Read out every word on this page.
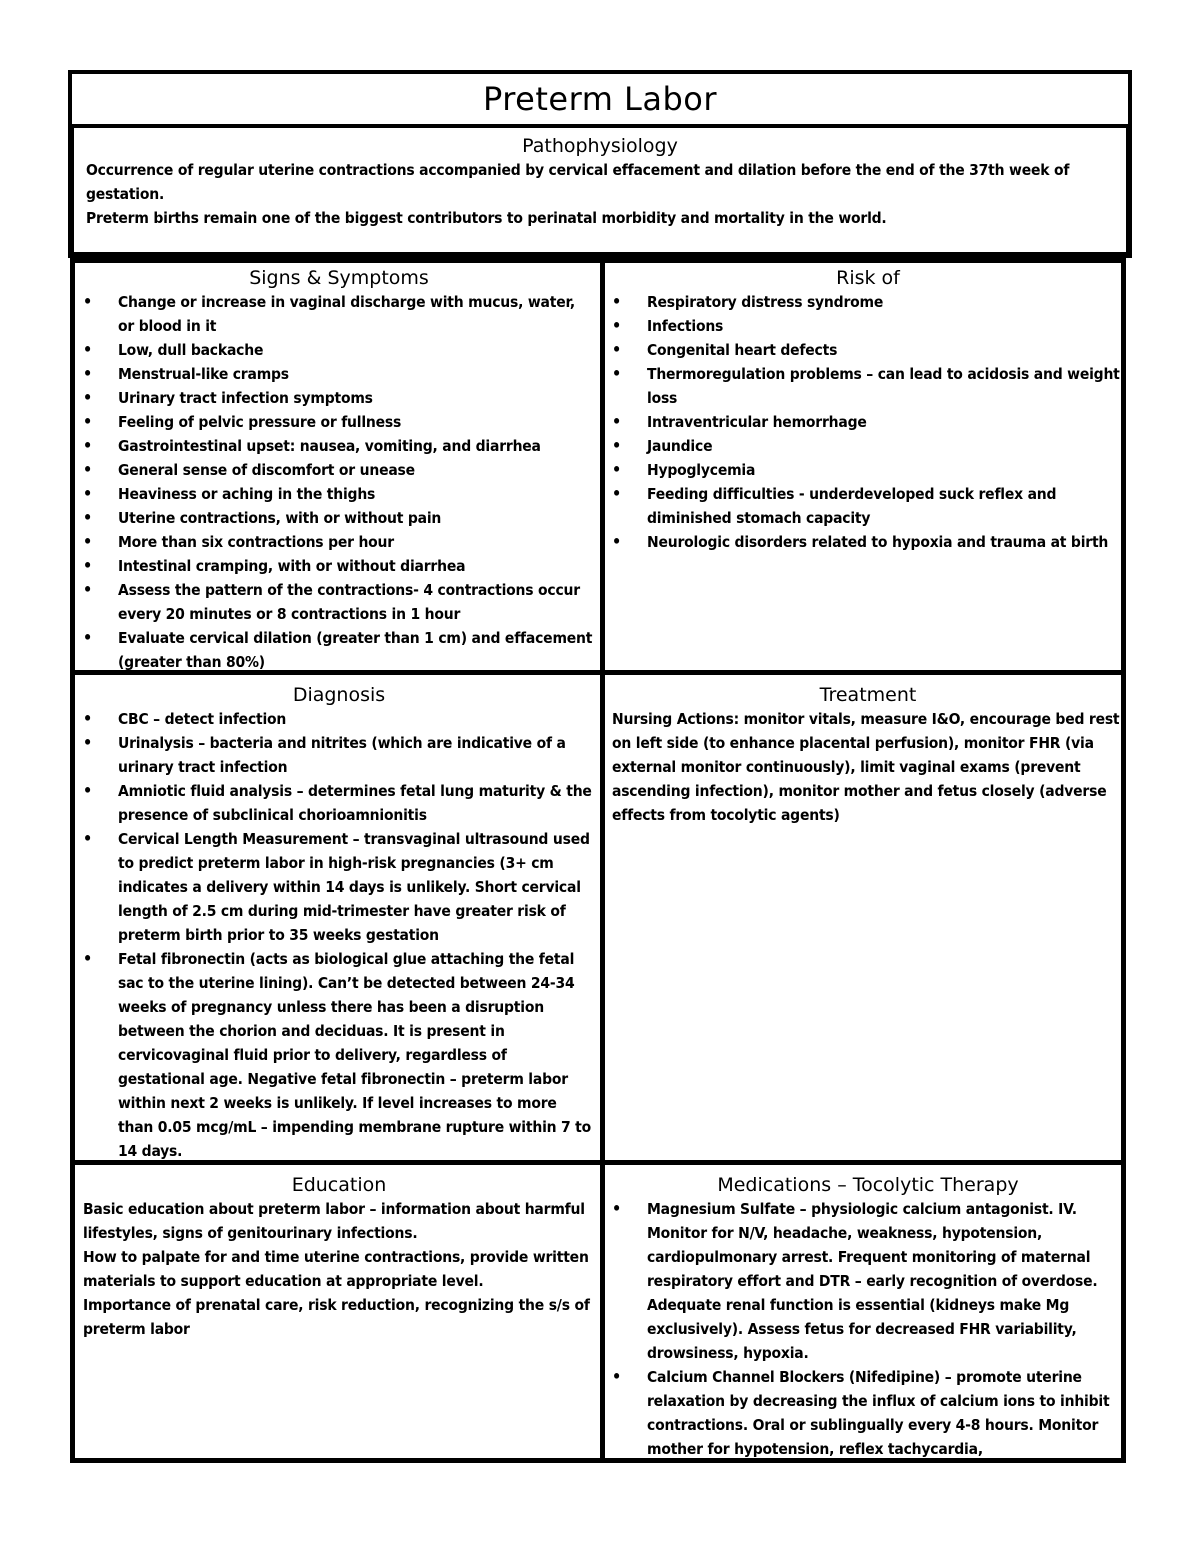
Preterm Labor
Pathophysiology

Occurrence of regular uterine contractions accompanied by cervical effacement and dilation before the end of the 37th week of gestation.

Preterm births remain one of the biggest contributors to perinatal morbidity and mortality in the world.

Signs & Symptoms
•	Change or increase in vaginal discharge with mucus, water, or blood in it
•	Low, dull backache
•	Menstrual-like cramps
•	Urinary tract infection symptoms
•	Feeling of pelvic pressure or fullness
•	Gastrointestinal upset: nausea, vomiting, and diarrhea
•	General sense of discomfort or unease
•	Heaviness or aching in the thighs
•	Uterine contractions, with or without pain
•	More than six contractions per hour
•	Intestinal cramping, with or without diarrhea
•	Assess the pattern of the contractions- 4 contractions occur every 20 minutes or 8 contractions in 1 hour
•	Evaluate cervical dilation (greater than 1 cm) and effacement (greater than 80%)
Risk of
•	Respiratory distress syndrome
•	Infections
•	Congenital heart defects
•	Thermoregulation problems – can lead to acidosis and weight loss
•	Intraventricular hemorrhage
•	Jaundice
•	Hypoglycemia
•	Feeding difficulties - underdeveloped suck reflex and diminished stomach capacity
•	Neurologic disorders related to hypoxia and trauma at birth
Diagnosis
•	CBC – detect infection
•	Urinalysis – bacteria and nitrites (which are indicative of a urinary tract infection
•	Amniotic fluid analysis – determines fetal lung maturity & the presence of subclinical chorioamnionitis
•	Cervical Length Measurement – transvaginal ultrasound used to predict preterm labor in high-risk pregnancies (3+ cm indicates a delivery within 14 days is unlikely. Short cervical length of 2.5 cm during mid-trimester have greater risk of preterm birth prior to 35 weeks gestation
•	Fetal fibronectin (acts as biological glue attaching the fetal sac to the uterine lining). Can’t be detected between 24-34 weeks of pregnancy unless there has been a disruption between the chorion and deciduas. It is present in cervicovaginal fluid prior to delivery, regardless of gestational age. Negative fetal fibronectin – preterm labor within next 2 weeks is unlikely. If level increases to more than 0.05 mcg/mL – impending membrane rupture within 7 to 14 days.
Treatment

Nursing Actions: monitor vitals, measure I&O, encourage bed rest on left side (to enhance placental perfusion), monitor FHR (via external monitor continuously), limit vaginal exams (prevent ascending infection), monitor mother and fetus closely (adverse effects from tocolytic agents)

Education

Basic education about preterm labor – information about harmful lifestyles, signs of genitourinary infections.

How to palpate for and time uterine contractions, provide written materials to support education at appropriate level.

Importance of prenatal care, risk reduction, recognizing the s/s of preterm labor

Medications – Tocolytic Therapy
•	Magnesium Sulfate – physiologic calcium antagonist. IV. Monitor for N/V, headache, weakness, hypotension, cardiopulmonary arrest. Frequent monitoring of maternal respiratory effort and DTR – early recognition of overdose. Adequate renal function is essential (kidneys make Mg exclusively). Assess fetus for decreased FHR variability, drowsiness, hypoxia.
•	Calcium Channel Blockers (Nifedipine) – promote uterine relaxation by decreasing the influx of calcium ions to inhibit contractions. Oral or sublingually every 4-8 hours. Monitor mother for hypotension, reflex tachycardia,
